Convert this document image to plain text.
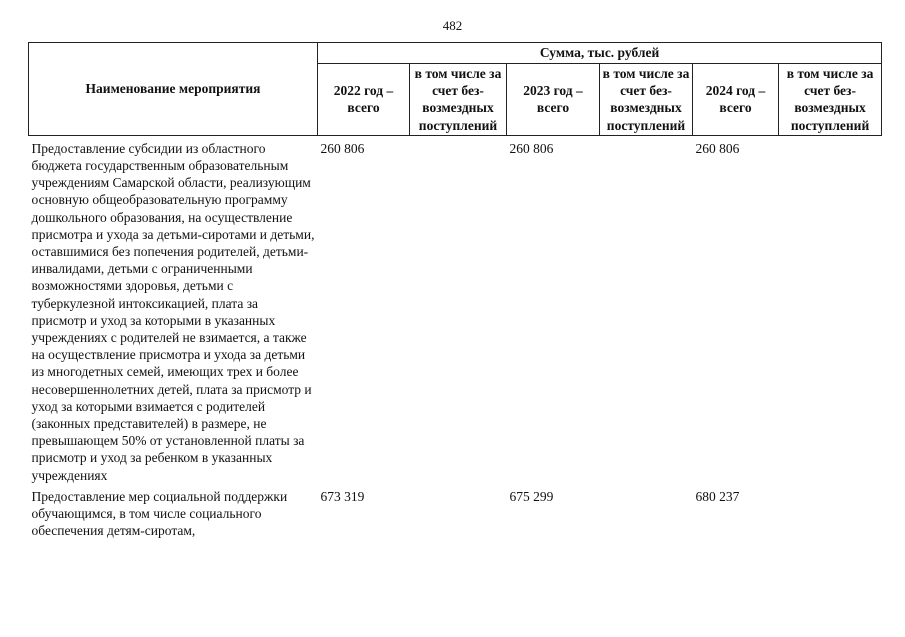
482
Наименование мероприятия	Сумма, тыс. рублей					
	2022 год – всего	в том числе за счет без-возмездных поступлений	2023 год – всего	в том числе за счет без-возмездных поступлений	2024 год – всего	в том числе за счет без-возмездных поступлений
Предоставление субсидии из областного бюджета государственным образовательным учреждениям Самарской области, реализующим основную общеобразовательную программу дошкольного образования, на осуществление присмотра и ухода за детьми-сиротами и детьми, оставшимися без попечения родителей, детьми-инвалидами, детьми с ограниченными возможностями здоровья, детьми с туберкулезной интоксикацией, плата за присмотр и уход за которыми в указанных учреждениях с родителей не взимается, а также на осуществление присмотра и ухода за детьми из многодетных семей, имеющих трех и более несовершеннолетних детей, плата за присмотр и уход за которыми взимается с родителей (законных представителей) в размере, не превышающем 50% от установленной платы за присмотр и уход за ребенком в указанных учреждениях	260 806		260 806		260 806	
Предоставление мер социальной поддержки обучающимся, в том числе социального обеспечения детям-сиротам,	673 319		675 299		680 237	
